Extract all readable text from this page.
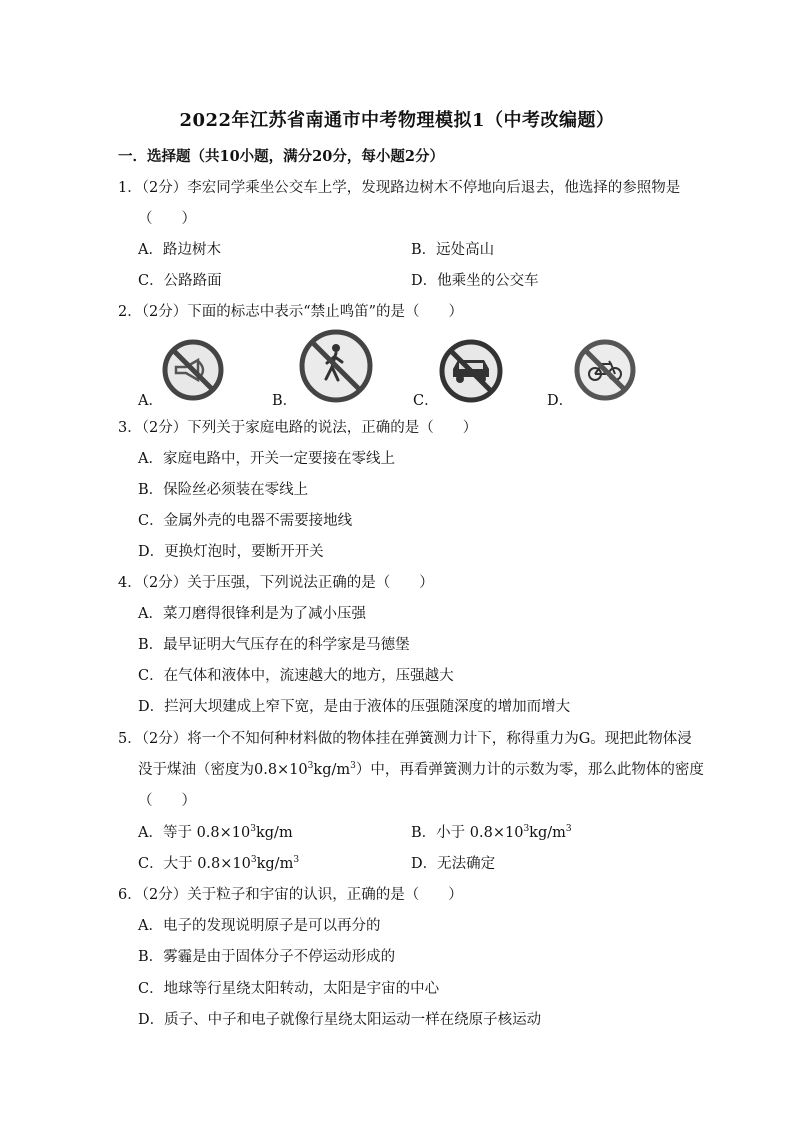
2022年江苏省南通市中考物理模拟1（中考改编题）
一．选择题（共10小题，满分20分，每小题2分）
1．（2分）李宏同学乘坐公交车上学，发现路边树木不停地向后退去，他选择的参照物是
（　　）
A．路边树木	B．远处高山
C．公路路面	D．他乘坐的公交车
2．（2分）下面的标志中表示“禁止鸣笛”的是（　　）
A．	B．	C．	D．
3．（2分）下列关于家庭电路的说法，正确的是（　　）
A．家庭电路中，开关一定要接在零线上
B．保险丝必须装在零线上
C．金属外壳的电器不需要接地线
D．更换灯泡时，要断开开关
4．（2分）关于压强，下列说法正确的是（　　）
A．菜刀磨得很锋利是为了减小压强
B．最早证明大气压存在的科学家是马德堡
C．在气体和液体中，流速越大的地方，压强越大
D．拦河大坝建成上窄下宽，是由于液体的压强随深度的增加而增大
5．（2分）将一个不知何种材料做的物体挂在弹簧测力计下，称得重力为G。现把此物体浸
没于煤油（密度为$0.8\times 10^3kg/m^3$）中，再看弹簧测力计的示数为零，那么此物体的密度
（　　）
A．等于 $0.8\times 10^3kg/m$	B．小于 $0.8\times 10^3kg/m^3$
C．大于 $0.8\times 10^3kg/m^3$	D．无法确定
6．（2分）关于粒子和宇宙的认识，正确的是（　　）
A．电子的发现说明原子是可以再分的
B．雾霾是由于固体分子不停运动形成的
C．地球等行星绕太阳转动，太阳是宇宙的中心
D．质子、中子和电子就像行星绕太阳运动一样在绕原子核运动
